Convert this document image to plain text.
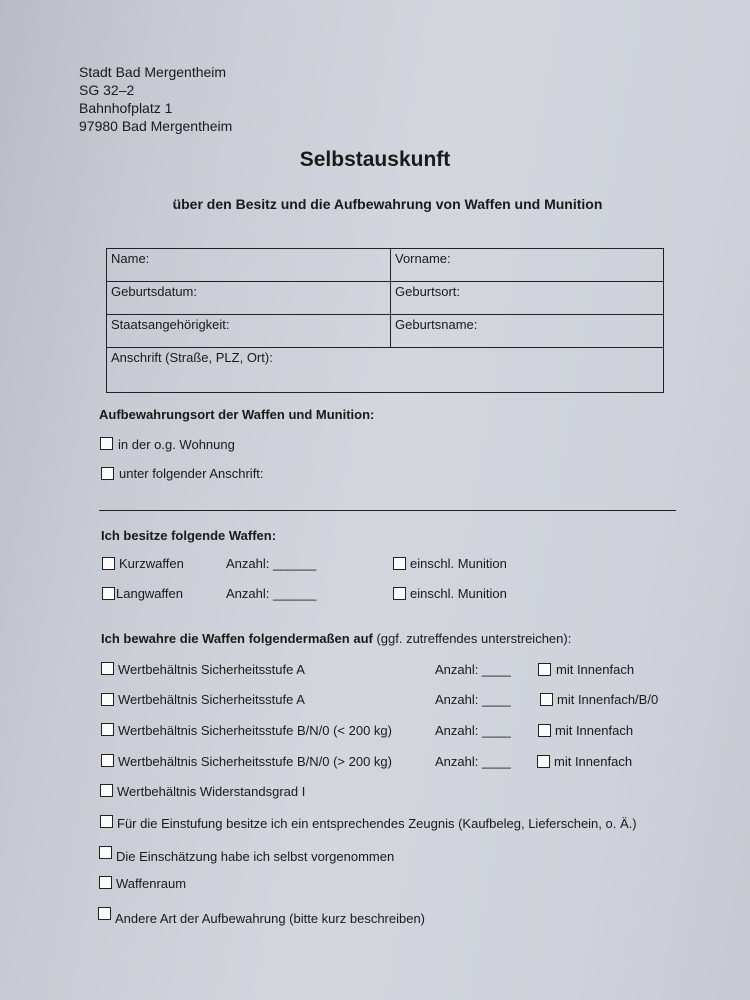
Stadt Bad Mergentheim
SG 32–2
Bahnhofplatz 1
97980 Bad Mergentheim
Selbstauskunft
über den Besitz und die Aufbewahrung von Waffen und Munition
Name:	Vorname:
Geburtsdatum:	Geburtsort:
Staatsangehörigkeit:	Geburtsname:
Anschrift (Straße, PLZ, Ort):	
Aufbewahrungsort der Waffen und Munition:
in der o.g. Wohnung
unter folgender Anschrift:
Ich besitze folgende Waffen:
Kurzwaffen	Anzahl: ______	einschl. Munition
Langwaffen	Anzahl: ______	einschl. Munition
Ich bewahre die Waffen folgendermaßen auf (ggf. zutreffendes unterstreichen):
Wertbehältnis Sicherheitsstufe A	Anzahl: ____	mit Innenfach
Wertbehältnis Sicherheitsstufe A	Anzahl: ____	mit Innenfach/B/0
Wertbehältnis Sicherheitsstufe B/N/0 (< 200 kg)	Anzahl: ____	mit Innenfach
Wertbehältnis Sicherheitsstufe B/N/0 (> 200 kg)	Anzahl: ____	mit Innenfach
Wertbehältnis Widerstandsgrad I
Für die Einstufung besitze ich ein entsprechendes Zeugnis (Kaufbeleg, Lieferschein, o. Ä.)
Die Einschätzung habe ich selbst vorgenommen
Waffenraum
Andere Art der Aufbewahrung (bitte kurz beschreiben)
